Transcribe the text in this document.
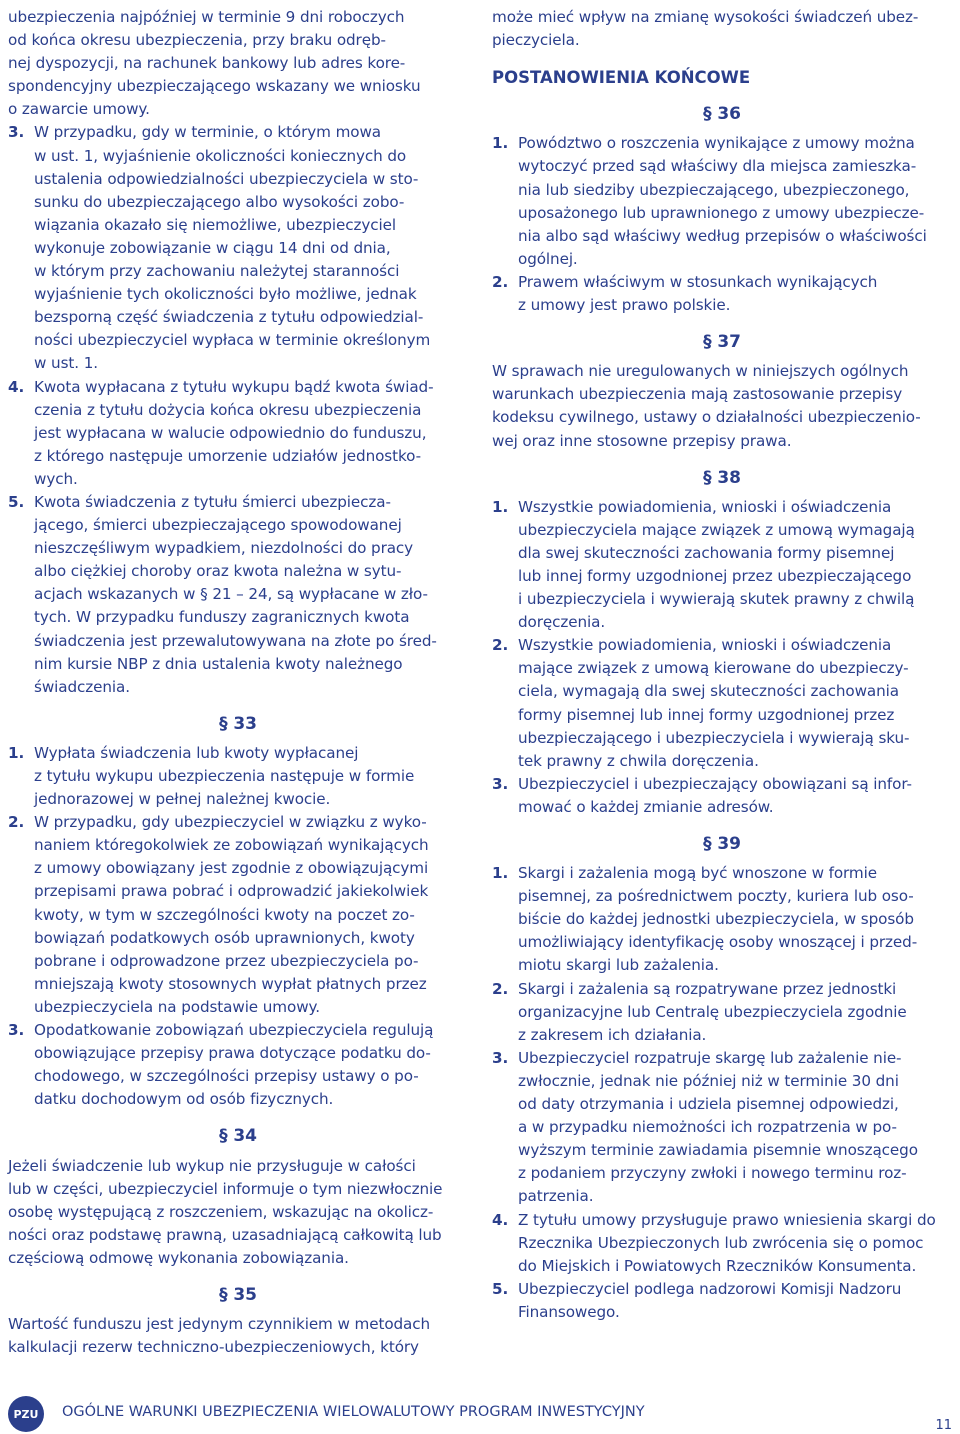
ubezpieczenia najpóźniej w terminie 9 dni roboczych
od końca okresu ubezpieczenia, przy braku odręb-
nej dyspozycji, na rachunek bankowy lub adres kore-
spondencyjny ubezpieczającego wskazany we wniosku
o zawarcie umowy.
3. W przypadku, gdy w terminie, o którym mowa
w ust. 1, wyjaśnienie okoliczności koniecznych do
ustalenia odpowiedzialności ubezpieczyciela w sto-
sunku do ubezpieczającego albo wysokości zobo-
wiązania okazało się niemożliwe, ubezpieczyciel
wykonuje zobowiązanie w ciągu 14 dni od dnia,
w którym przy zachowaniu należytej staranności
wyjaśnienie tych okoliczności było możliwe, jednak
bezsporną część świadczenia z tytułu odpowiedzial-
ności ubezpieczyciel wypłaca w terminie określonym
w ust. 1.
4. Kwota wypłacana z tytułu wykupu bądź kwota świad-
czenia z tytułu dożycia końca okresu ubezpieczenia
jest wypłacana w walucie odpowiednio do funduszu,
z którego następuje umorzenie udziałów jednostko-
wych.
5. Kwota świadczenia z tytułu śmierci ubezpiecza-
jącego, śmierci ubezpieczającego spowodowanej
nieszczęśliwym wypadkiem, niezdolności do pracy
albo ciężkiej choroby oraz kwota należna w sytu-
acjach wskazanych w § 21 – 24, są wypłacane w zło-
tych. W przypadku funduszy zagranicznych kwota
świadczenia jest przewalutowywana na złote po śred-
nim kursie NBP z dnia ustalenia kwoty należnego
świadczenia.
§ 33
1. Wypłata świadczenia lub kwoty wypłacanej
z tytułu wykupu ubezpieczenia następuje w formie
jednorazowej w pełnej należnej kwocie.
2. W przypadku, gdy ubezpieczyciel w związku z wyko-
naniem któregokolwiek ze zobowiązań wynikających
z umowy obowiązany jest zgodnie z obowiązującymi
przepisami prawa pobrać i odprowadzić jakiekolwiek
kwoty, w tym w szczególności kwoty na poczet zo-
bowiązań podatkowych osób uprawnionych, kwoty
pobrane i odprowadzone przez ubezpieczyciela po-
mniejszają kwoty stosownych wypłat płatnych przez
ubezpieczyciela na podstawie umowy.
3. Opodatkowanie zobowiązań ubezpieczyciela regulują
obowiązujące przepisy prawa dotyczące podatku do-
chodowego, w szczególności przepisy ustawy o po-
datku dochodowym od osób fizycznych.
§ 34
Jeżeli świadczenie lub wykup nie przysługuje w całości
lub w części, ubezpieczyciel informuje o tym niezwłocznie
osobę występującą z roszczeniem, wskazując na okolicz-
ności oraz podstawę prawną, uzasadniającą całkowitą lub
częściową odmowę wykonania zobowiązania.
§ 35
Wartość funduszu jest jedynym czynnikiem w metodach
kalkulacji rezerw techniczno-ubezpieczeniowych, który
może mieć wpływ na zmianę wysokości świadczeń ubez-
pieczyciela.
POSTANOWIENIA KOŃCOWE
§ 36
1. Powództwo o roszczenia wynikające z umowy można
wytoczyć przed sąd właściwy dla miejsca zamieszka-
nia lub siedziby ubezpieczającego, ubezpieczonego,
uposażonego lub uprawnionego z umowy ubezpiecze-
nia albo sąd właściwy według przepisów o właściwości
ogólnej.
2. Prawem właściwym w stosunkach wynikających
z umowy jest prawo polskie.
§ 37
W sprawach nie uregulowanych w niniejszych ogólnych
warunkach ubezpieczenia mają zastosowanie przepisy
kodeksu cywilnego, ustawy o działalności ubezpieczenio-
wej oraz inne stosowne przepisy prawa.
§ 38
1. Wszystkie powiadomienia, wnioski i oświadczenia
ubezpieczyciela mające związek z umową wymagają
dla swej skuteczności zachowania formy pisemnej
lub innej formy uzgodnionej przez ubezpieczającego
i ubezpieczyciela i wywierają skutek prawny z chwilą
doręczenia.
2. Wszystkie powiadomienia, wnioski i oświadczenia
mające związek z umową kierowane do ubezpieczy-
ciela, wymagają dla swej skuteczności zachowania
formy pisemnej lub innej formy uzgodnionej przez
ubezpieczającego i ubezpieczyciela i wywierają sku-
tek prawny z chwila doręczenia.
3. Ubezpieczyciel i ubezpieczający obowiązani są infor-
mować o każdej zmianie adresów.
§ 39
1. Skargi i zażalenia mogą być wnoszone w formie
pisemnej, za pośrednictwem poczty, kuriera lub oso-
biście do każdej jednostki ubezpieczyciela, w sposób
umożliwiający identyfikację osoby wnoszącej i przed-
miotu skargi lub zażalenia.
2. Skargi i zażalenia są rozpatrywane przez jednostki
organizacyjne lub Centralę ubezpieczyciela zgodnie
z zakresem ich działania.
3. Ubezpieczyciel rozpatruje skargę lub zażalenie nie-
zwłocznie, jednak nie później niż w terminie 30 dni
od daty otrzymania i udziela pisemnej odpowiedzi,
a w przypadku niemożności ich rozpatrzenia w po-
wyższym terminie zawiadamia pisemnie wnoszącego
z podaniem przyczyny zwłoki i nowego terminu roz-
patrzenia.
4. Z tytułu umowy przysługuje prawo wniesienia skargi do
Rzecznika Ubezpieczonych lub zwrócenia się o pomoc
do Miejskich i Powiatowych Rzeczników Konsumenta.
5. Ubezpieczyciel podlega nadzorowi Komisji Nadzoru
Finansowego.
PZU	OGÓLNE WARUNKI UBEZPIECZENIA WIELOWALUTOWY PROGRAM INWESTYCYJNY
11
